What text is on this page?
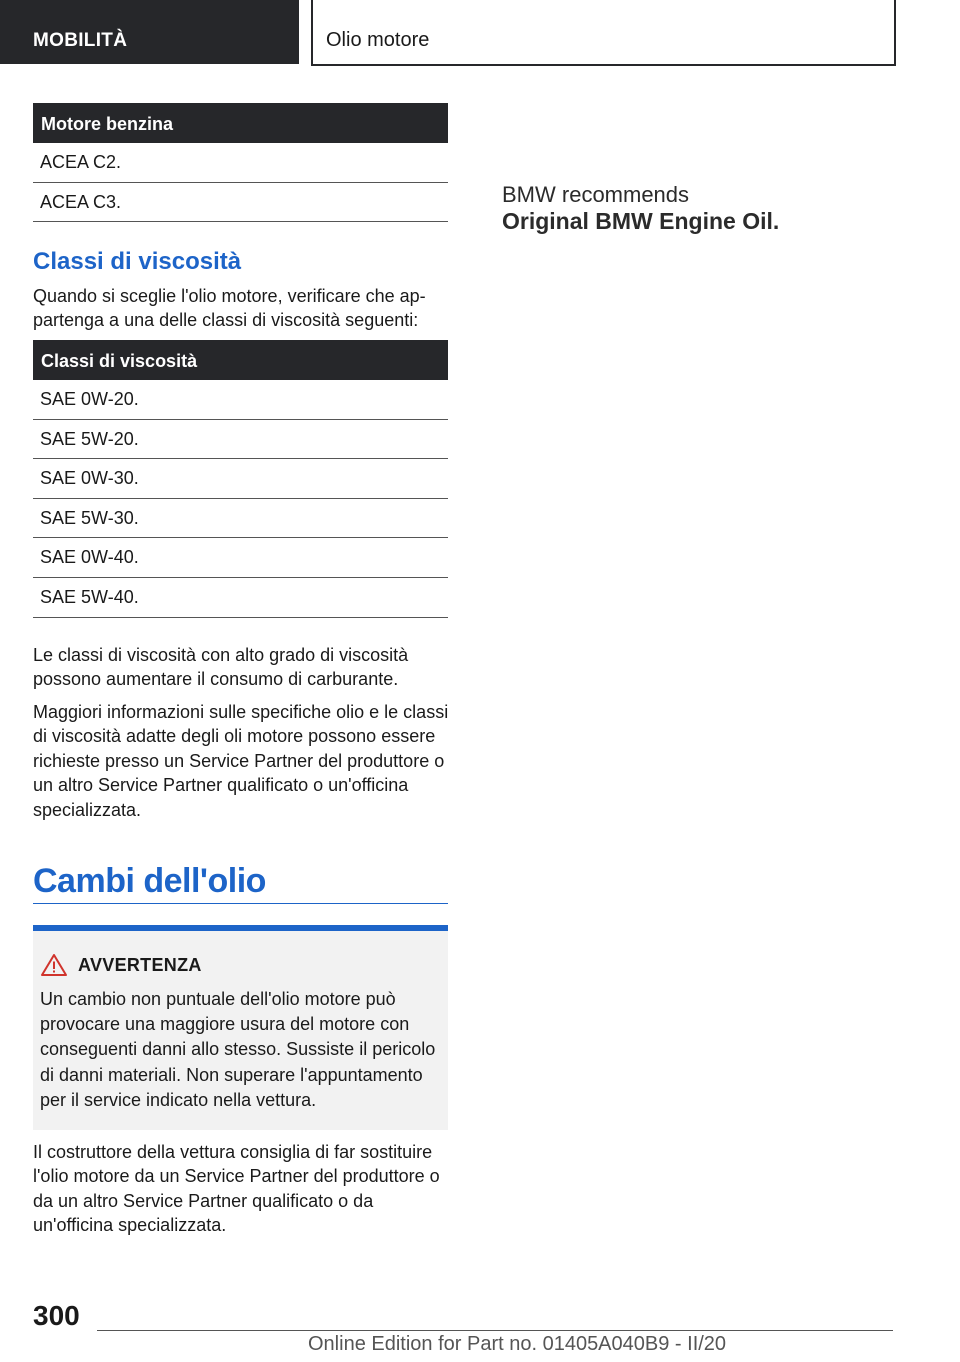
MOBILITÀ	Olio motore
Motore benzina
ACEA C2.
ACEA C3.
Classi di viscosità
Quando si sceglie l'olio motore, verificare che appartenga a una delle classi di viscosità seguenti:
Classi di viscosità
SAE 0W-20.
SAE 5W-20.
SAE 0W-30.
SAE 5W-30.
SAE 0W-40.
SAE 5W-40.
Le classi di viscosità con alto grado di viscosità possono aumentare il consumo di carburante.
Maggiori informazioni sulle specifiche olio e le classi di viscosità adatte degli oli motore possono essere richieste presso un Service Partner del produttore o un altro Service Partner qualificato o un'officina specializzata.
Cambi dell'olio
AVVERTENZA
Un cambio non puntuale dell'olio motore può provocare una maggiore usura del motore con conseguenti danni allo stesso. Sussiste il pericolo di danni materiali. Non superare l'appuntamento per il service indicato nella vettura.
Il costruttore della vettura consiglia di far sostituire l'olio motore da un Service Partner del produttore o da un altro Service Partner qualificato o da un'officina specializzata.
BMW recommends
Original BMW Engine Oil.
300
Online Edition for Part no. 01405A040B9 - II/20
